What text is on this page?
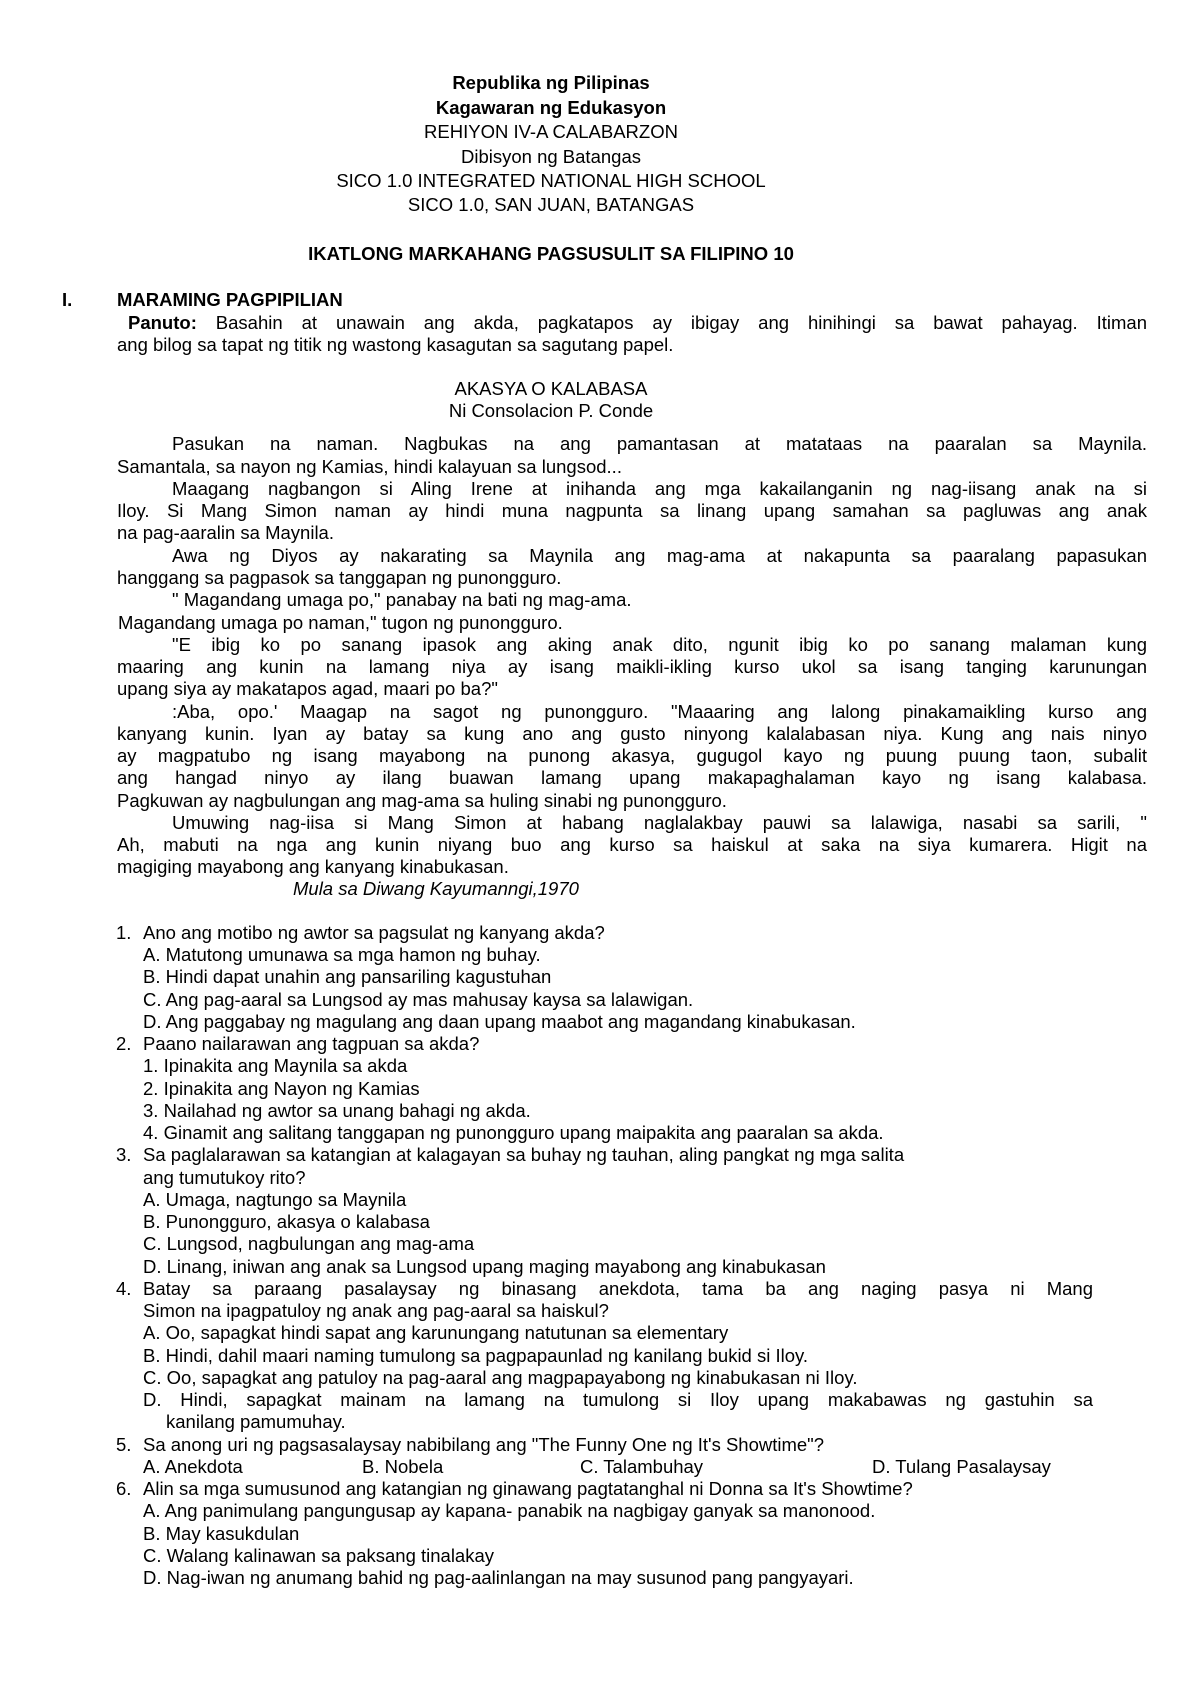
Republika ng Pilipinas
Kagawaran ng Edukasyon
REHIYON IV-A CALABARZON
Dibisyon ng Batangas
SICO 1.0 INTEGRATED NATIONAL HIGH SCHOOL
SICO 1.0, SAN JUAN, BATANGAS
IKATLONG MARKAHANG PAGSUSULIT SA FILIPINO 10
I. MARAMING PAGPIPILIAN
Panuto: Basahin at unawain ang akda, pagkatapos ay ibigay ang hinihingi sa bawat pahayag. Itiman
ang bilog sa tapat ng titik ng wastong kasagutan sa sagutang papel.
AKASYA O KALABASA
Ni Consolacion P. Conde
Pasukan na naman. Nagbukas na ang pamantasan at matataas na paaralan sa Maynila.
Samantala, sa nayon ng Kamias, hindi kalayuan sa lungsod...
Maagang nagbangon si Aling Irene at inihanda ang mga kakailanganin ng nag-iisang anak na si
Iloy. Si Mang Simon naman ay hindi muna nagpunta sa linang upang samahan sa pagluwas ang anak
na pag-aaralin sa Maynila.
Awa ng Diyos ay nakarating sa Maynila ang mag-ama at nakapunta sa paaralang papasukan
hanggang sa pagpasok sa tanggapan ng punongguro.
" Magandang umaga po," panabay na bati ng mag-ama.
Magandang umaga po naman," tugon ng punongguro.
"E ibig ko po sanang ipasok ang aking anak dito, ngunit ibig ko po sanang malaman kung
maaring ang kunin na lamang niya ay isang maikli-ikling kurso ukol sa isang tanging karunungan
upang siya ay makatapos agad, maari po ba?"
:Aba, opo.' Maagap na sagot ng punongguro. "Maaaring ang lalong pinakamaikling kurso ang
kanyang kunin. Iyan ay batay sa kung ano ang gusto ninyong kalalabasan niya. Kung ang nais ninyo
ay magpatubo ng isang mayabong na punong akasya, gugugol kayo ng puung puung taon, subalit
ang hangad ninyo ay ilang buawan lamang upang makapaghalaman kayo ng isang kalabasa.
Pagkuwan ay nagbulungan ang mag-ama sa huling sinabi ng punongguro.
Umuwing nag-iisa si Mang Simon at habang naglalakbay pauwi sa lalawiga, nasabi sa sarili, "
Ah, mabuti na nga ang kunin niyang buo ang kurso sa haiskul at saka na siya kumarera. Higit na
magiging mayabong ang kanyang kinabukasan.
Mula sa Diwang Kayumanngi,1970
1. Ano ang motibo ng awtor sa pagsulat ng kanyang akda?
A. Matutong umunawa sa mga hamon ng buhay.
B. Hindi dapat unahin ang pansariling kagustuhan
C. Ang pag-aaral sa Lungsod ay mas mahusay kaysa sa lalawigan.
D. Ang paggabay ng magulang ang daan upang maabot ang magandang kinabukasan.
2. Paano nailarawan ang tagpuan sa akda?
1. Ipinakita ang Maynila sa akda
2. Ipinakita ang Nayon ng Kamias
3. Nailahad ng awtor sa unang bahagi ng akda.
4. Ginamit ang salitang tanggapan ng punongguro upang maipakita ang paaralan sa akda.
3. Sa paglalarawan sa katangian at kalagayan sa buhay ng tauhan, aling pangkat ng mga salita
ang tumutukoy rito?
A. Umaga, nagtungo sa Maynila
B. Punongguro, akasya o kalabasa
C. Lungsod, nagbulungan ang mag-ama
D. Linang, iniwan ang anak sa Lungsod upang maging mayabong ang kinabukasan
4. Batay sa paraang pasalaysay ng binasang anekdota, tama ba ang naging pasya ni Mang
Simon na ipagpatuloy ng anak ang pag-aaral sa haiskul?
A. Oo, sapagkat hindi sapat ang karunungang natutunan sa elementary
B. Hindi, dahil maari naming tumulong sa pagpapaunlad ng kanilang bukid si Iloy.
C. Oo, sapagkat ang patuloy na pag-aaral ang magpapayabong ng kinabukasan ni Iloy.
D. Hindi, sapagkat mainam na lamang na tumulong si Iloy upang makabawas ng gastuhin sa
kanilang pamumuhay.
5. Sa anong uri ng pagsasalaysay nabibilang ang "The Funny One ng It's Showtime"?
A. Anekdota	B. Nobela	C. Talambuhay	D. Tulang Pasalaysay
6. Alin sa mga sumusunod ang katangian ng ginawang pagtatanghal ni Donna sa It's Showtime?
A. Ang panimulang pangungusap ay kapana- panabik na nagbigay ganyak sa manonood.
B. May kasukdulan
C. Walang kalinawan sa paksang tinalakay
D. Nag-iwan ng anumang bahid ng pag-aalinlangan na may susunod pang pangyayari.
